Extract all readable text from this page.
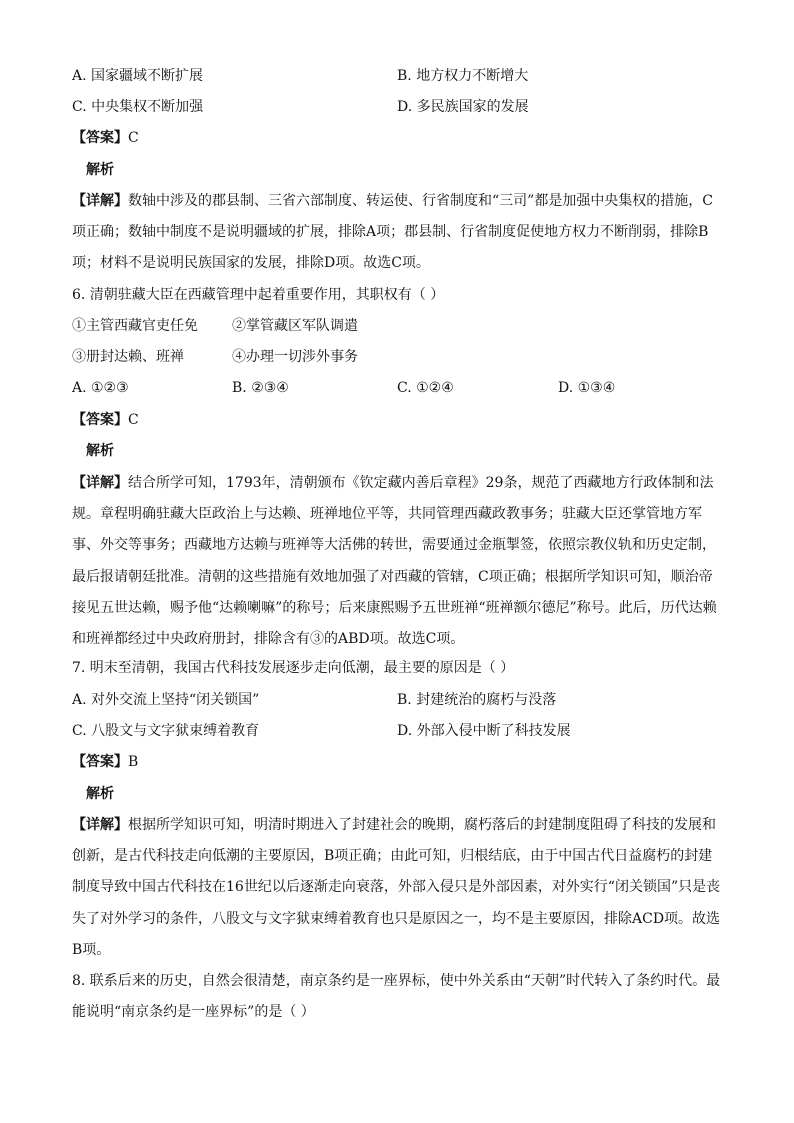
A. 国家疆域不断扩展	B. 地方权力不断增大
C. 中央集权不断加强	D. 多民族国家的发展
【答案】C
解析
【详解】数轴中涉及的郡县制、三省六部制度、转运使、行省制度和“三司”都是加强中央集权的措施，C项正确；数轴中制度不是说明疆域的扩展，排除A项；郡县制、行省制度促使地方权力不断削弱，排除B项；材料不是说明民族国家的发展，排除D项。故选C项。
6. 清朝驻藏大臣在西藏管理中起着重要作用，其职权有（ ）
①主管西藏官吏任免	②掌管藏区军队调遣
③册封达赖、班禅	④办理一切涉外事务
A. ①②③	B. ②③④	C. ①②④	D. ①③④
【答案】C
解析
【详解】结合所学可知，1793年，清朝颁布《钦定藏内善后章程》29条，规范了西藏地方行政体制和法规。章程明确驻藏大臣政治上与达赖、班禅地位平等，共同管理西藏政教事务；驻藏大臣还掌管地方军事、外交等事务；西藏地方达赖与班禅等大活佛的转世，需要通过金瓶掣签，依照宗教仪轨和历史定制，最后报请朝廷批准。清朝的这些措施有效地加强了对西藏的管辖，C项正确；根据所学知识可知，顺治帝接见五世达赖，赐予他“达赖喇嘛”的称号；后来康熙赐予五世班禅“班禅额尔德尼”称号。此后，历代达赖和班禅都经过中央政府册封，排除含有③的ABD项。故选C项。
7. 明末至清朝，我国古代科技发展逐步走向低潮，最主要的原因是（ ）
A. 对外交流上坚持“闭关锁国”	B. 封建统治的腐朽与没落
C. 八股文与文字狱束缚着教育	D. 外部入侵中断了科技发展
【答案】B
解析
【详解】根据所学知识可知，明清时期进入了封建社会的晚期，腐朽落后的封建制度阻碍了科技的发展和创新，是古代科技走向低潮的主要原因，B项正确；由此可知，归根结底，由于中国古代日益腐朽的封建制度导致中国古代科技在16世纪以后逐渐走向衰落，外部入侵只是外部因素，对外实行“闭关锁国”只是丧失了对外学习的条件，八股文与文字狱束缚着教育也只是原因之一，均不是主要原因，排除ACD项。故选B项。
8. 联系后来的历史，自然会很清楚，南京条约是一座界标，使中外关系由“天朝”时代转入了条约时代。最能说明“南京条约是一座界标”的是（ ）
